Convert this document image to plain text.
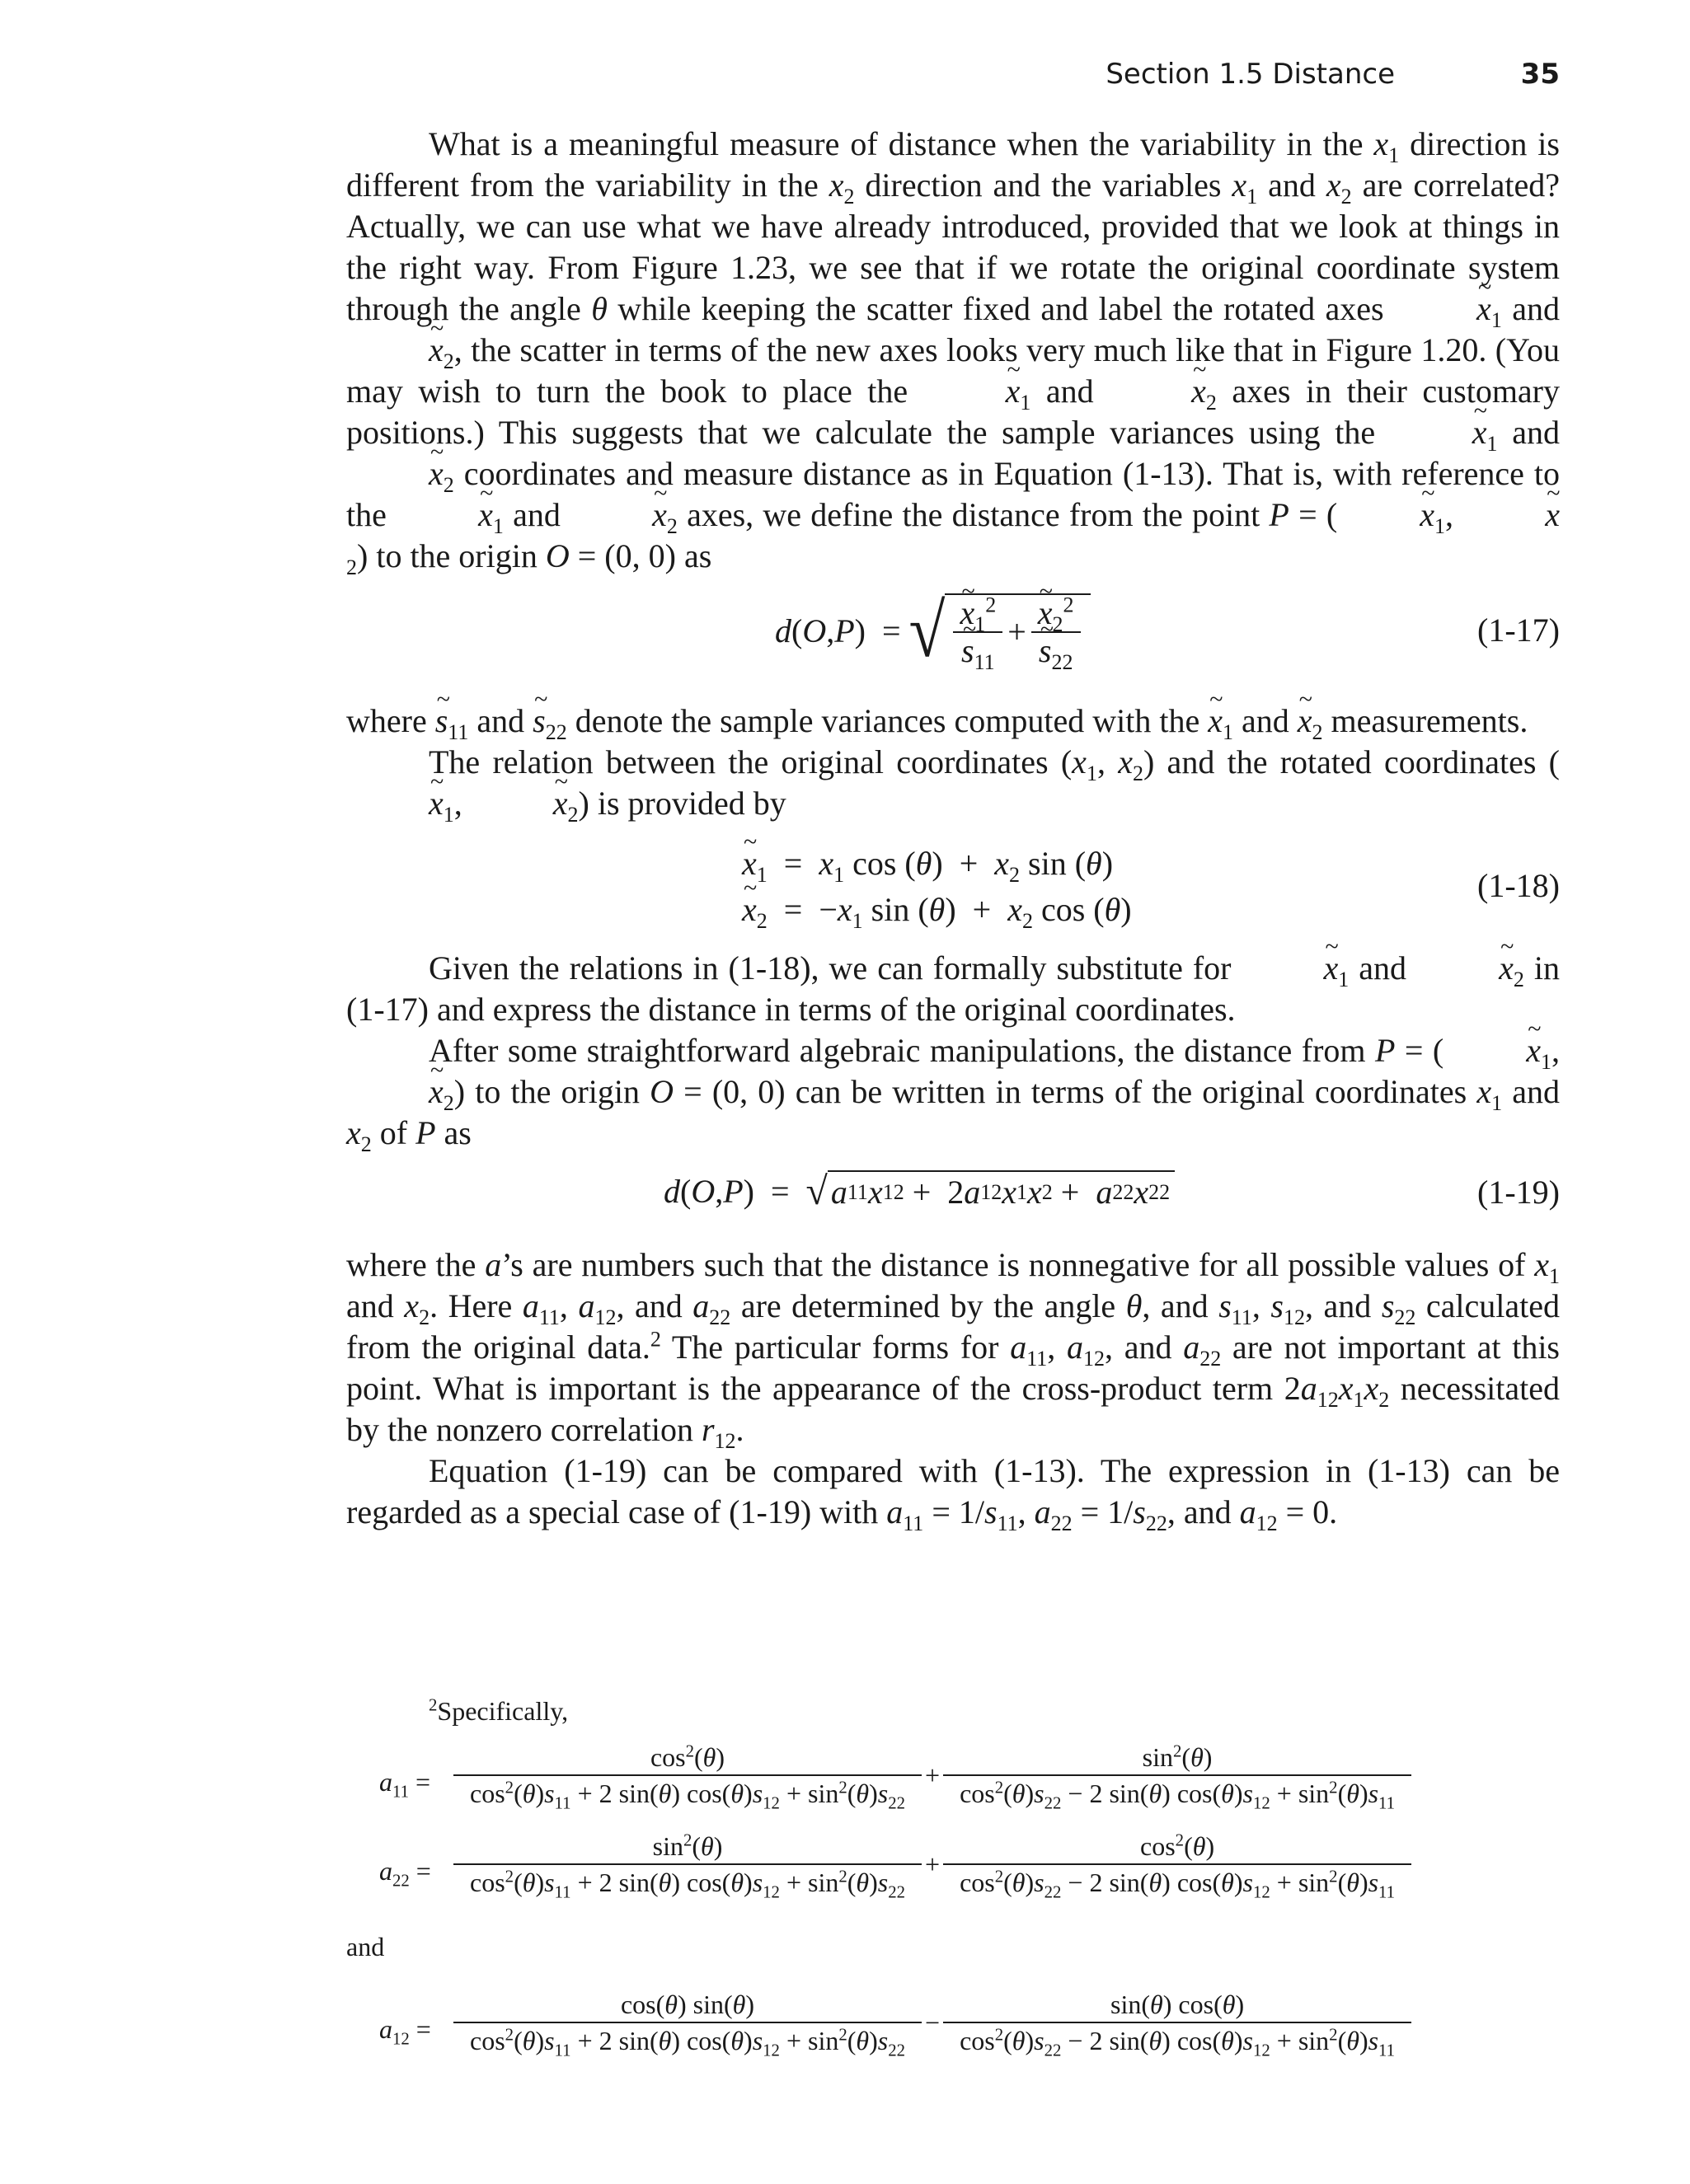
Section 1.5 Distance	35

What is a meaningful measure of distance when the variability in the $x_1$ direction is different from the variability in the $x_2$ direction and the variables $x_1$ and $x_2$ are correlated? Actually, we can use what we have already introduced, provided that we look at things in the right way. From Figure 1.23, we see that if we rotate the original coordinate system through the angle θ while keeping the scatter fixed and label the rotated axes	~ $x_1$ and ~ $x_2$, the scatter in terms of the new axes looks very much like that in Figure 1.20. (You may wish to turn the book to place the	~ $x_1$ and	~ $x_2$ axes in their customary positions.) This suggests that we calculate the sample variances using the	~ $x_1$ and ~ $x_2$ coordinates and measure distance as in Equation (1-13). That is, with reference to the	~ $x_1$ and	~ $x_2$ axes, we define the distance from the point P = (	~ $x_1$,	~ $x_2$) to the origin O = (0, 0) as

d ( O , P )  = √ ~ $x_1^2$
~ $s_{11}$ + ~ $x_2^2$
~ $s_{22}$	(1-17)

where ~ $s_{11}$ and ~ $s_{22}$ denote the sample variances computed with the ~ $x_1$ and ~ $x_2$ measurements.

The relation between the original coordinates ($x_1$, $x_2$) and the rotated coordinates (~ $x_1$,	~ $x_2$) is provided by

~ $x_1 = x_1$ $\cos (\theta) + x_2$ sin (θ)
~ $x_2 = -x_1$ $\sin (\theta) + x_2$ cos (θ)
(1-18)

Given the relations in (1-18), we can formally substitute for	~ $x_1$ and	~ $x_2$ in (1-17) and express the distance in terms of the original coordinates.

After some straightforward algebraic manipulations, the distance from P = (	~ $x_1$, ~ $x_2$) to the origin O = (0, 0) can be written in terms of the original coordinates $x_1$ and $x_2$ of P as

d ( O , P )  = √ a 11 x 1 2 +  2 a 12 x 1 x 2 + a 22 x 2 2	(1-19)

where the a’s are numbers such that the distance is nonnegative for all possible values of $x_1$ and $x_2$. Here $a_{11}$, $a_{12}$, and $a_{22}$ are determined by the angle θ, and $s_{11}$, $s_{12}$, and $s_{22}$ calculated from the original data.$^2$ The particular forms for $a_{11}$, $a_{12}$, and $a_{22}$ are not important at this point. What is important is the appearance of the cross-product term $2a_{12}x_1x_2$ necessitated by the nonzero correlation $r_{12}$.

Equation (1-19) can be compared with (1-13). The expression in (1-13) can be regarded as a special case of (1-19) with $a_{11} = 1/s_{11}$, $a_{22} = 1/s_{22}$, and $a_{12} = 0$.

$^2$Specifically,
$a_{11}$ =	$\frac{\cos^2(\theta)}{\cos^2(\theta)s_{11} + 2 \sin(\theta) \cos(\theta)s_{12} + \sin^2(\theta)s_{22}} + \frac{\sin^2(\theta)}{\cos^2(\theta)s_{22} - 2 \sin(\theta) \cos(\theta)s_{12} + \sin^2(\theta)s_{11}}$
$a_{22}$ =	$\frac{\sin^2(\theta)}{\cos^2(\theta)s_{11} + 2 \sin(\theta) \cos(\theta)s_{12} + \sin^2(\theta)s_{22}} + \frac{\cos^2(\theta)}{\cos^2(\theta)s_{22} - 2 \sin(\theta) \cos(\theta)s_{12} + \sin^2(\theta)s_{11}}$
and
$a_{12}$ =	$\frac{\cos(\theta) \sin(\theta)}{\cos^2(\theta)s_{11} + 2 \sin(\theta) \cos(\theta)s_{12} + \sin^2(\theta)s_{22}} - \frac{\sin(\theta) \cos(\theta)}{\cos^2(\theta)s_{22} - 2 \sin(\theta) \cos(\theta)s_{12} + \sin^2(\theta)s_{11}}$
